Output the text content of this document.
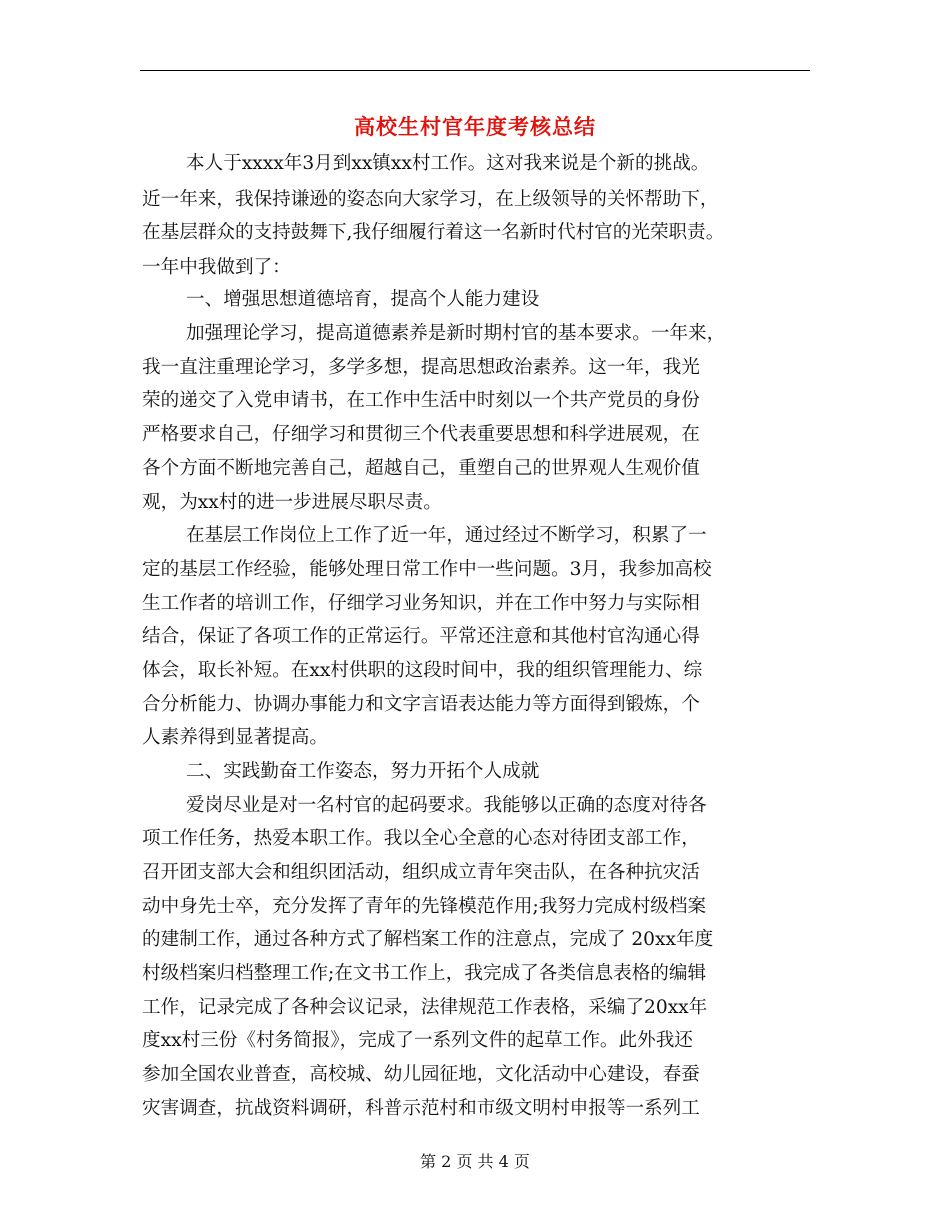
高校生村官年度考核总结
本人于xxxx年3月到xx镇xx村工作。这对我来说是个新的挑战。
近一年来，我保持谦逊的姿态向大家学习，在上级领导的关怀帮助下，
在基层群众的支持鼓舞下,我仔细履行着这一名新时代村官的光荣职责。
一年中我做到了：
一、增强思想道德培育，提高个人能力建设
加强理论学习，提高道德素养是新时期村官的基本要求。一年来，
我一直注重理论学习，多学多想，提高思想政治素养。这一年，我光
荣的递交了入党申请书，在工作中生活中时刻以一个共产党员的身份
严格要求自己，仔细学习和贯彻三个代表重要思想和科学进展观，在
各个方面不断地完善自己，超越自己，重塑自己的世界观人生观价值
观，为xx村的进一步进展尽职尽责。
在基层工作岗位上工作了近一年，通过经过不断学习，积累了一
定的基层工作经验，能够处理日常工作中一些问题。3月，我参加高校
生工作者的培训工作，仔细学习业务知识，并在工作中努力与实际相
结合，保证了各项工作的正常运行。平常还注意和其他村官沟通心得
体会，取长补短。在xx村供职的这段时间中，我的组织管理能力、综
合分析能力、协调办事能力和文字言语表达能力等方面得到锻炼，个
人素养得到显著提高。
二、实践勤奋工作姿态，努力开拓个人成就
爱岗尽业是对一名村官的起码要求。我能够以正确的态度对待各
项工作任务，热爱本职工作。我以全心全意的心态对待团支部工作，
召开团支部大会和组织团活动，组织成立青年突击队，在各种抗灾活
动中身先士卒，充分发挥了青年的先锋模范作用;我努力完成村级档案
的建制工作，通过各种方式了解档案工作的注意点，完成了 20xx年度
村级档案归档整理工作;在文书工作上，我完成了各类信息表格的编辑
工作，记录完成了各种会议记录，法律规范工作表格，采编了20xx年
度xx村三份《村务简报》，完成了一系列文件的起草工作。此外我还
参加全国农业普查，高校城、幼儿园征地，文化活动中心建设，春蚕
灾害调查，抗战资料调研，科普示范村和市级文明村申报等一系列工
第 2 页 共 4 页
